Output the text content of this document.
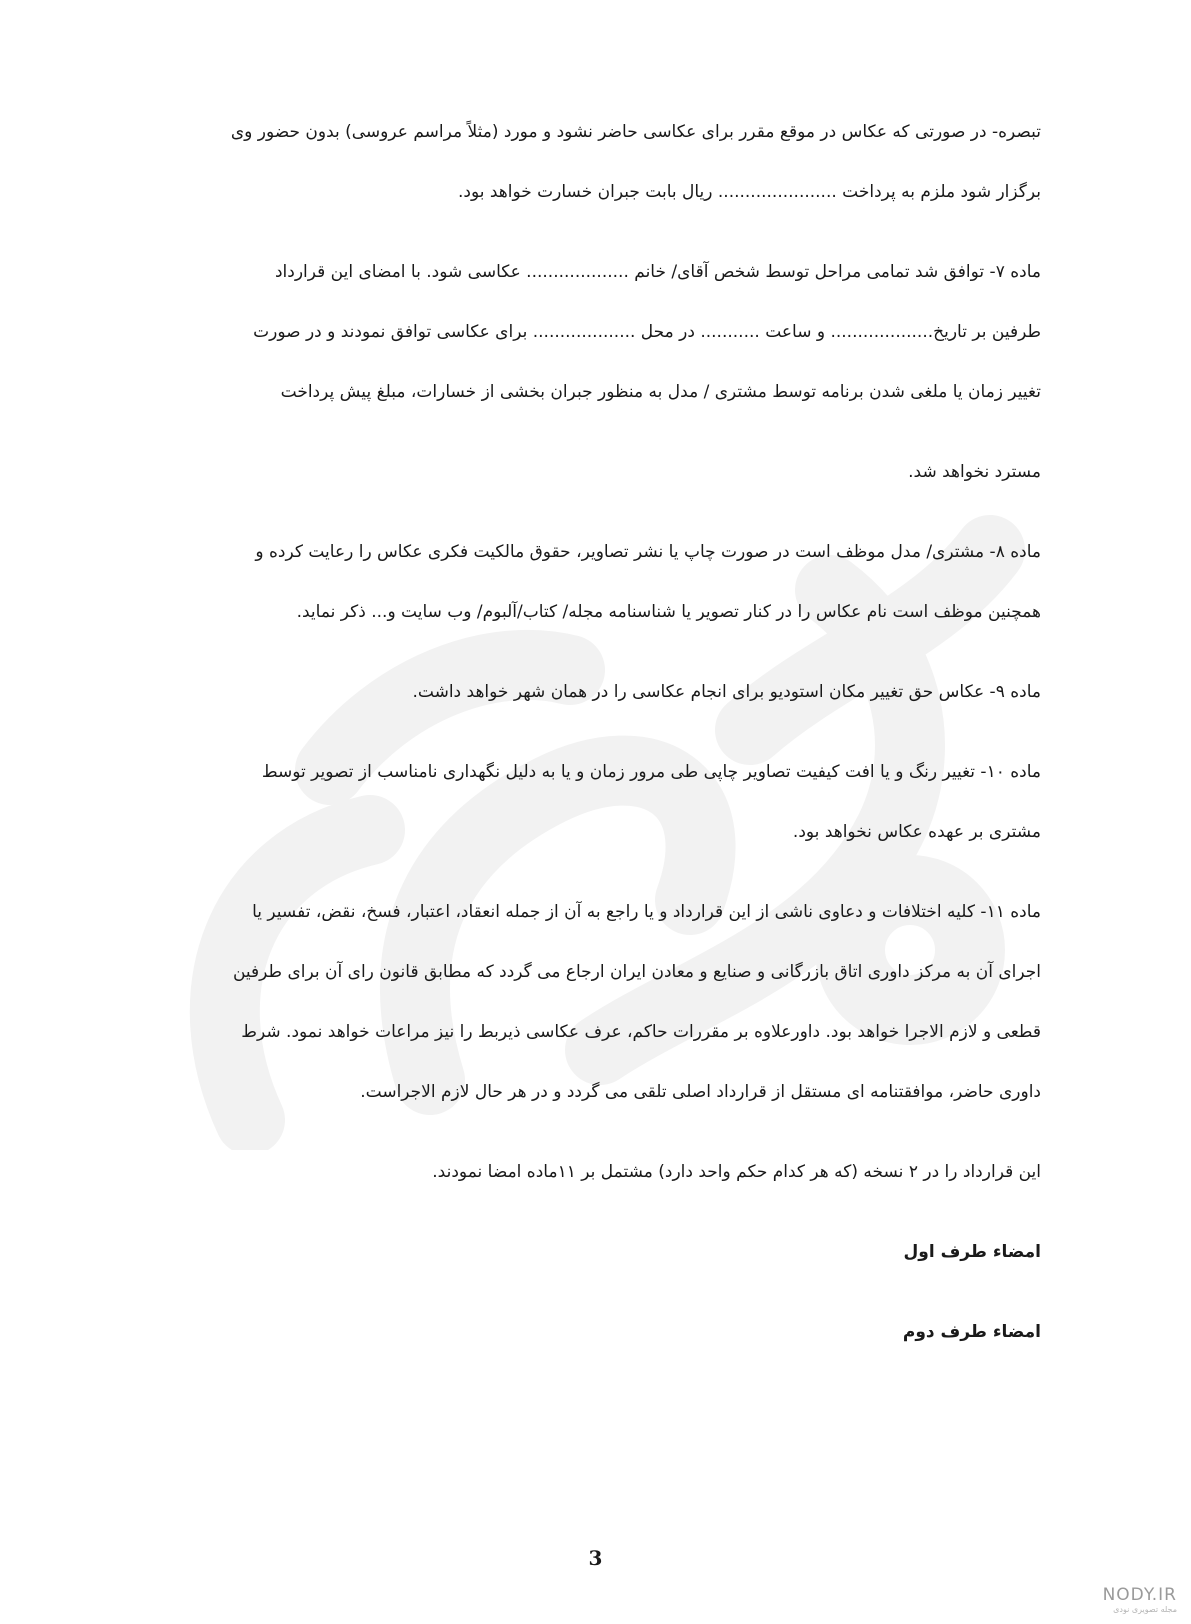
تبصره- در صورتی که عکاس در موقع مقرر برای عکاسی حاضر نشود و مورد (مثلاً مراسم عروسی) بدون حضور وی

برگزار شود ملزم به پرداخت ...................... ریال بابت جبران خسارت خواهد بود.

ماده ۷- توافق شد تمامی مراحل توسط شخص آقای/ خانم ................... عکاسی شود. با امضای این قرارداد

طرفین بر تاریخ................... و ساعت ........... در محل ................... برای عکاسی توافق نمودند و در صورت

تغییر زمان یا ملغی شدن برنامه توسط مشتری / مدل به منظور جبران بخشی از خسارات، مبلغ پیش پرداخت

مسترد نخواهد شد.

ماده ۸- مشتری/ مدل موظف است در صورت چاپ یا نشر تصاویر، حقوق مالکیت فکری عکاس را رعایت کرده و

همچنین موظف است نام عکاس را در کنار تصویر یا شناسنامه مجله/ کتاب/آلبوم/ وب سایت و... ذکر نماید.

ماده ۹- عکاس حق تغییر مکان استودیو برای انجام عکاسی را در همان شهر خواهد داشت.

ماده ۱۰- تغییر رنگ و یا افت کیفیت تصاویر چاپی طی مرور زمان و یا به دلیل نگهداری نامناسب از تصویر توسط

مشتری بر عهده عکاس نخواهد بود.

ماده ۱۱- کلیه اختلافات و دعاوی ناشی از این قرارداد و یا راجع به آن از جمله انعقاد، اعتبار، فسخ، نقض، تفسیر یا

اجرای آن به مرکز داوری اتاق بازرگانی و صنایع و معادن ایران ارجاع می گردد که مطابق قانون رای آن برای طرفین

قطعی و لازم الاجرا خواهد بود. داورعلاوه بر مقررات حاکم، عرف عکاسی ذیربط را نیز مراعات خواهد نمود. شرط

داوری حاضر، موافقتنامه ای مستقل از قرارداد اصلی تلقی می گردد و در هر حال لازم الاجراست.

این قرارداد را در ۲ نسخه (که هر کدام حکم واحد دارد) مشتمل بر ۱۱ماده امضا نمودند.

امضاء طرف اول

امضاء طرف دوم

3
NODY.IR
مجله تصویری نودی
